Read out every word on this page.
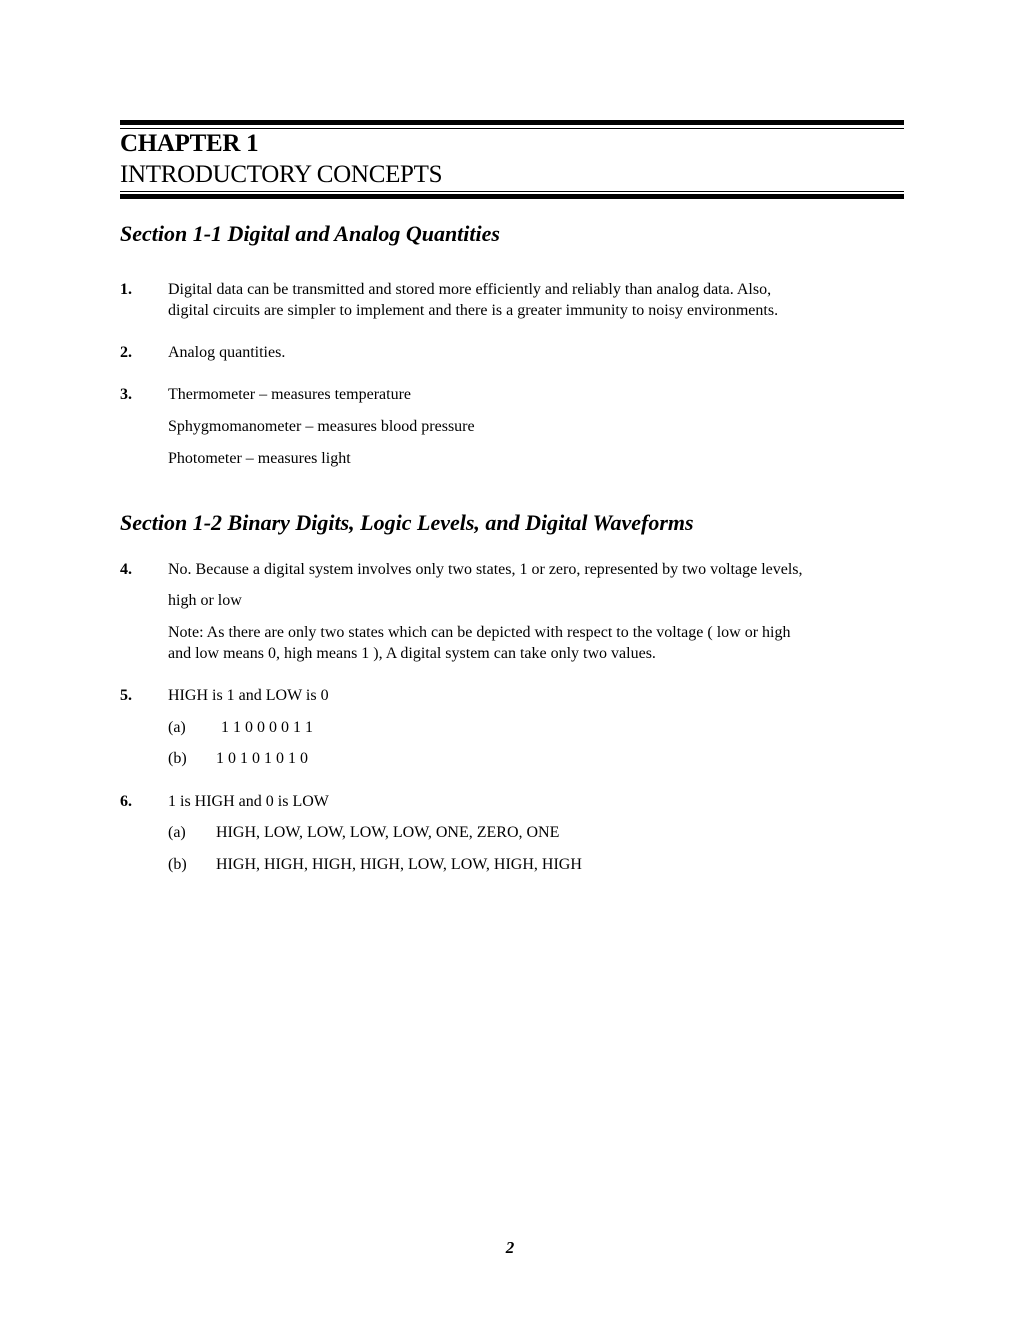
CHAPTER 1
INTRODUCTORY CONCEPTS
Section 1-1 Digital and Analog Quantities
1. Digital data can be transmitted and stored more efficiently and reliably than analog data. Also,
digital circuits are simpler to implement and there is a greater immunity to noisy environments.
2. Analog quantities.
3. Thermometer – measures temperature
Sphygmomanometer – measures blood pressure
Photometer – measures light
Section 1-2 Binary Digits, Logic Levels, and Digital Waveforms
4. No. Because a digital system involves only two states, 1 or zero, represented by two voltage levels,
high or low
Note: As there are only two states which can be depicted with respect to the voltage ( low or high
and low means 0, high means 1 ), A digital system can take only two values.
5. HIGH is 1 and LOW is 0
(a) 1 1 0 0 0 0 1 1
(b) 1 0 1 0 1 0 1 0
6. 1 is HIGH and 0 is LOW
(a) HIGH, LOW, LOW, LOW, LOW, ONE, ZERO, ONE
(b) HIGH, HIGH, HIGH, HIGH, LOW, LOW, HIGH, HIGH
2
